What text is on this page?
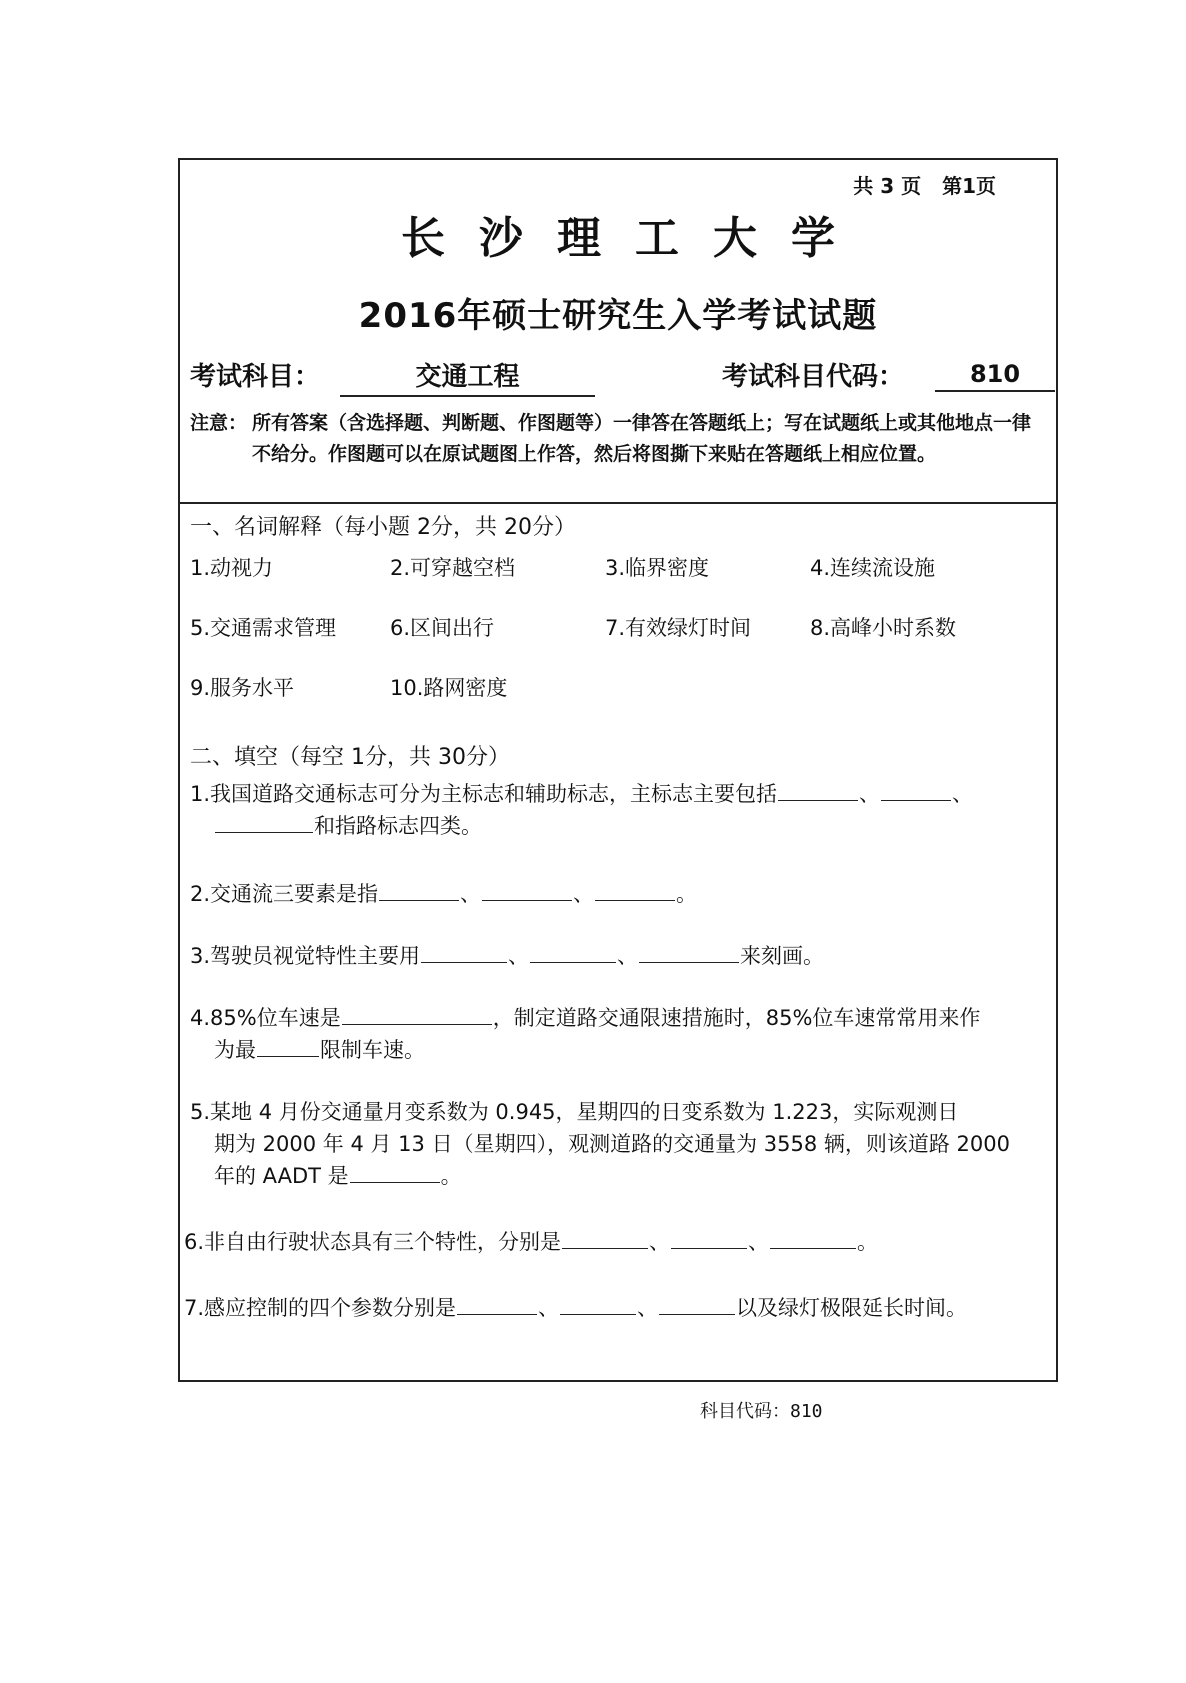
共 3 页 第1页
长沙理工大学
2016年硕士研究生入学考试试题
考试科目：	交通工程	考试科目代码：	810
注意： 所有答案（含选择题、判断题、作图题等）一律答在答题纸上；写在试题纸上或其他地点一律不给分。作图题可以在原试题图上作答，然后将图撕下来贴在答题纸上相应位置。
一、名词解释（每小题 2分，共 20分）
1.动视力	2.可穿越空档	3.临界密度	4.连续流设施
5.交通需求管理	6.区间出行	7.有效绿灯时间	8.高峰小时系数
9.服务水平	10.路网密度
二、填空（每空 1分，共 30分）
1.我国道路交通标志可分为主标志和辅助标志，主标志主要包括	、	、
和指路标志四类。
2.交通流三要素是指	、	、	。
3.驾驶员视觉特性主要用	、	、	来刻画。
4.85%位车速是	，制定道路交通限速措施时，85%位车速常常用来作
为最	限制车速。
5.某地 4 月份交通量月变系数为 0.945，星期四的日变系数为 1.223，实际观测日
期为 2000 年 4 月 13 日（星期四），观测道路的交通量为 3558 辆，则该道路 2000
年的 AADT 是	。
6.非自由行驶状态具有三个特性，分别是	、	、	。
7.感应控制的四个参数分别是	、	、	以及绿灯极限延长时间。
科目代码：810
